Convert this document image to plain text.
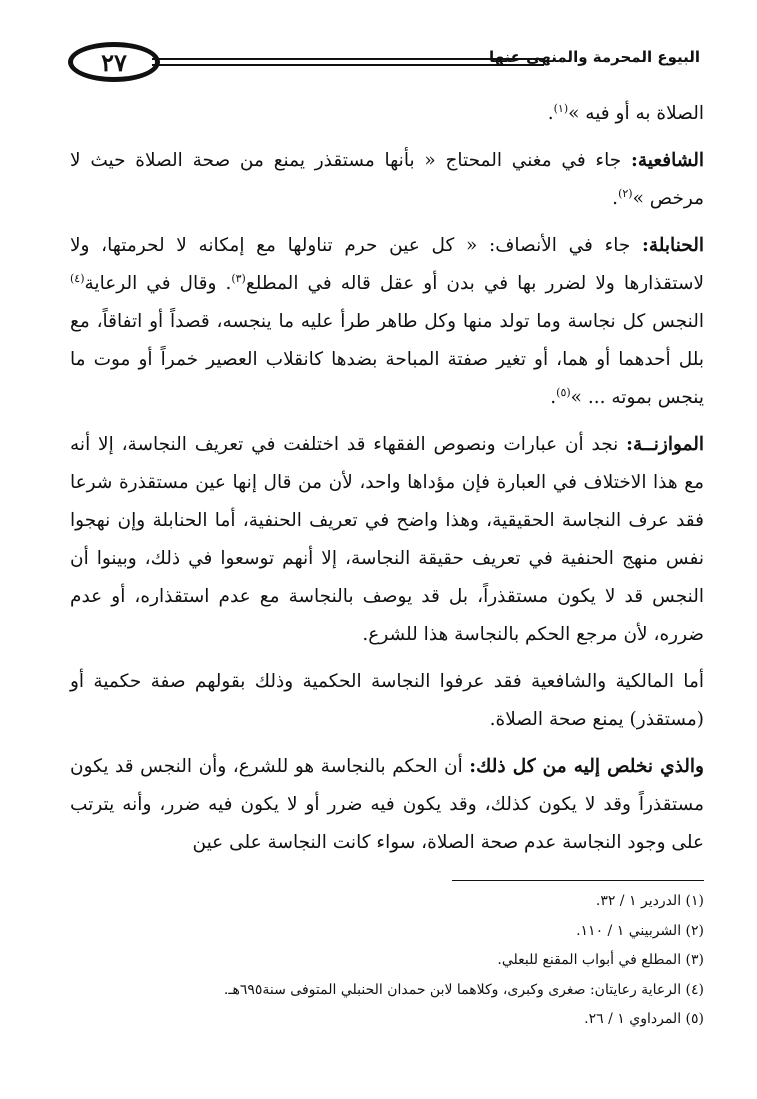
٢٧	البيوع المحرمة والمنهي عنها

الصلاة به أو فيه »$^{(١)}$.

الشافعية: جاء في مغني المحتاج « بأنها مستقذر يمنع من صحة الصلاة حيث لا مرخص »$^{(٢)}$.

الحنابلة: جاء في الأنصاف: « كل عين حرم تناولها مع إمكانه لا لحرمتها، ولا لاستقذارها ولا لضرر بها في بدن أو عقل قاله في المطلع$^{(٣)}$. وقال في الرعاية$^{(٤)}$ النجس كل نجاسة وما تولد منها وكل طاهر طرأ عليه ما ينجسه، قصداً أو اتفاقاً، مع بلل أحدهما أو هما، أو تغير صفتة المباحة بضدها كانقلاب العصير خمراً أو موت ما ينجس بموته ... »$^{(٥)}$.

الموازنــة: نجد أن عبارات ونصوص الفقهاء قد اختلفت في تعريف النجاسة، إلا أنه مع هذا الاختلاف في العبارة فإن مؤداها واحد، لأن من قال إنها عين مستقذرة شرعا فقد عرف النجاسة الحقيقية، وهذا واضح في تعريف الحنفية، أما الحنابلة وإن نهجوا نفس منهج الحنفية في تعريف حقيقة النجاسة، إلا أنهم توسعوا في ذلك، وبينوا أن النجس قد لا يكون مستقذراً، بل قد يوصف بالنجاسة مع عدم استقذاره، أو عدم ضرره، لأن مرجع الحكم بالنجاسة هذا للشرع.

أما المالكية والشافعية فقد عرفوا النجاسة الحكمية وذلك بقولهم صفة حكمية أو (مستقذر) يمنع صحة الصلاة.

والذي نخلص إليه من كل ذلك: أن الحكم بالنجاسة هو للشرع، وأن النجس قد يكون مستقذراً وقد لا يكون كذلك، وقد يكون فيه ضرر أو لا يكون فيه ضرر، وأنه يترتب على وجود النجاسة عدم صحة الصلاة، سواء كانت النجاسة على عين

(١) الدردير ١ / ٣٢.
(٢) الشربيني ١ / ١١٠.
(٣) المطلع في أبواب المقنع للبعلي.
(٤) الرعاية رعايتان: صغرى وكبرى، وكلاهما لابن حمدان الحنبلي المتوفى سنة٦٩٥هـ.
(٥) المرداوي ١ / ٢٦.
